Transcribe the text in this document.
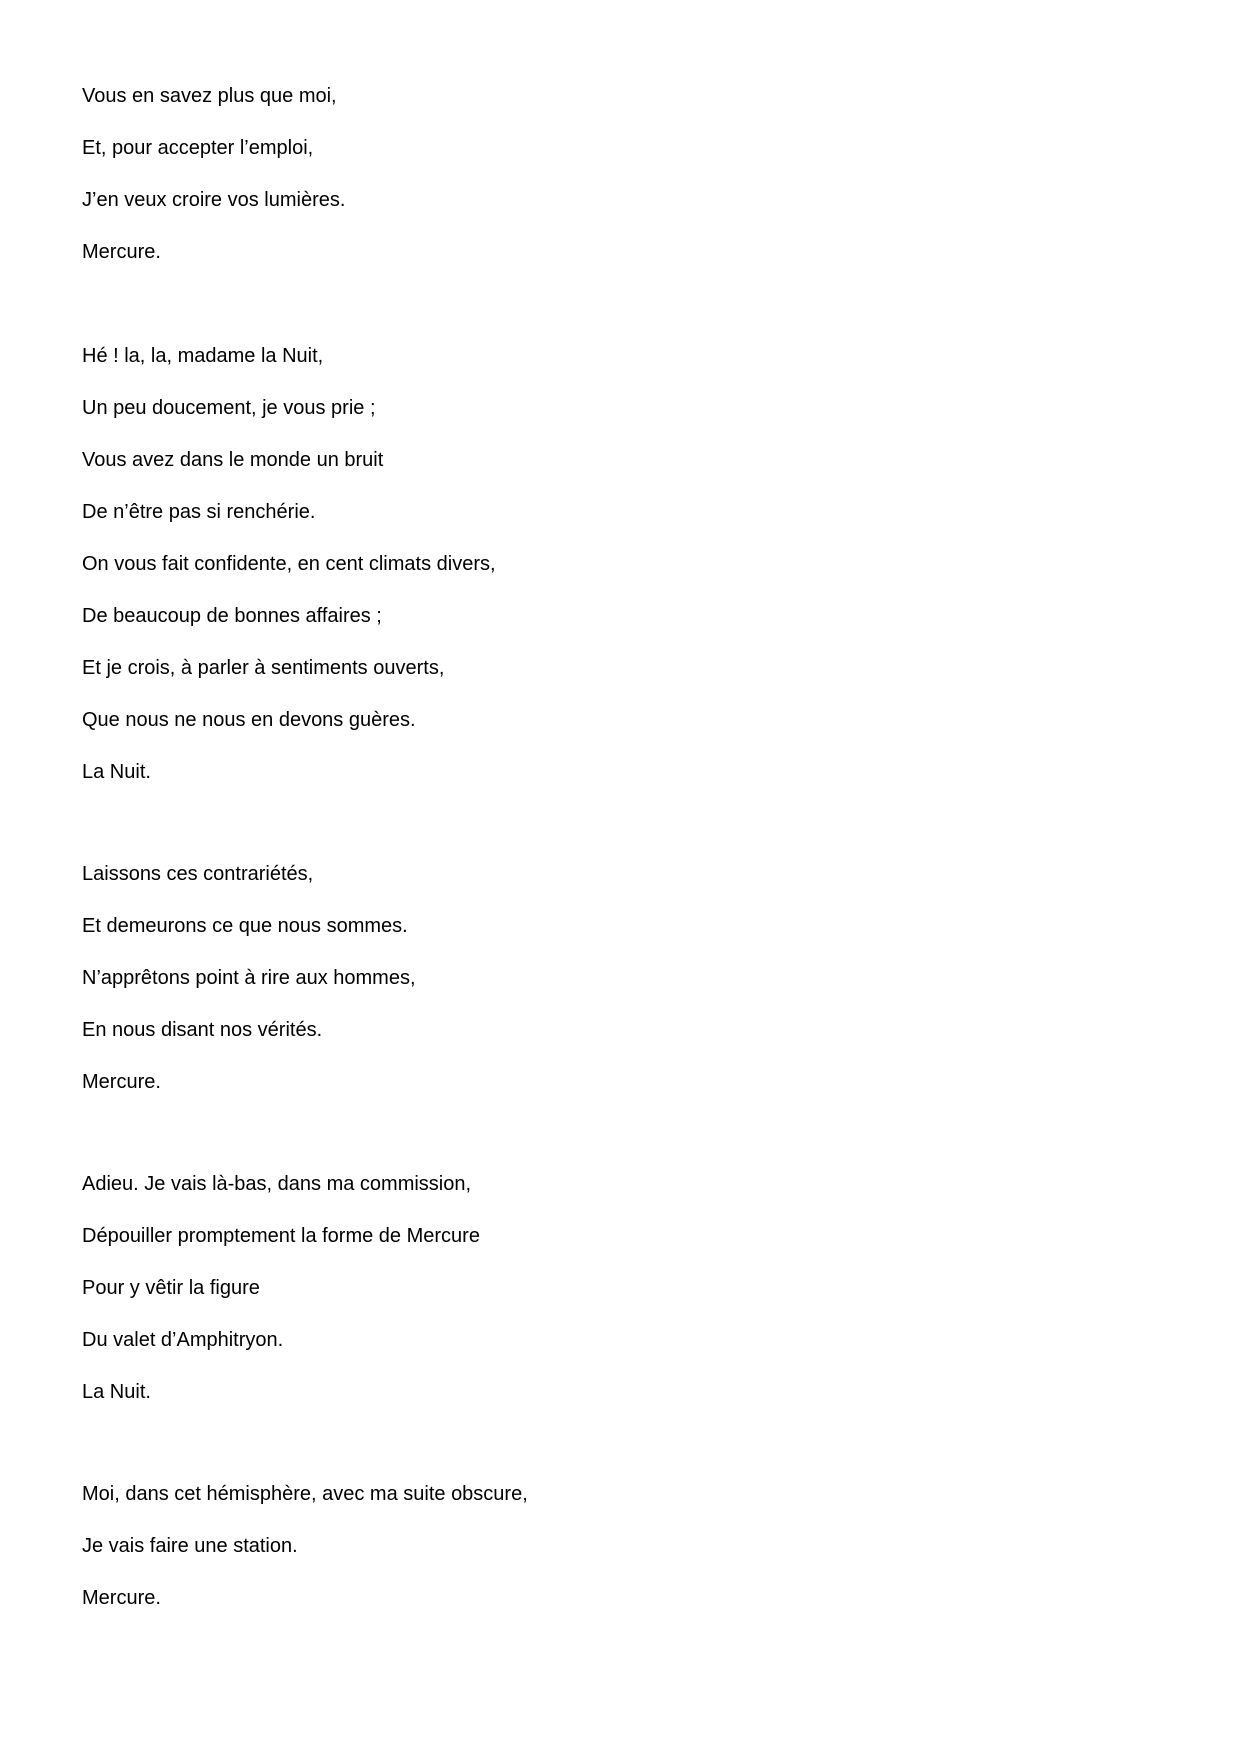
Vous en savez plus que moi,

Et, pour accepter l’emploi,

J’en veux croire vos lumières.

Mercure.

Hé ! la, la, madame la Nuit,

Un peu doucement, je vous prie ;

Vous avez dans le monde un bruit

De n’être pas si renchérie.

On vous fait confidente, en cent climats divers,

De beaucoup de bonnes affaires ;

Et je crois, à parler à sentiments ouverts,

Que nous ne nous en devons guères.

La Nuit.

Laissons ces contrariétés,

Et demeurons ce que nous sommes.

N’apprêtons point à rire aux hommes,

En nous disant nos vérités.

Mercure.

Adieu. Je vais là-bas, dans ma commission,

Dépouiller promptement la forme de Mercure

Pour y vêtir la figure

Du valet d’Amphitryon.

La Nuit.

Moi, dans cet hémisphère, avec ma suite obscure,

Je vais faire une station.

Mercure.
